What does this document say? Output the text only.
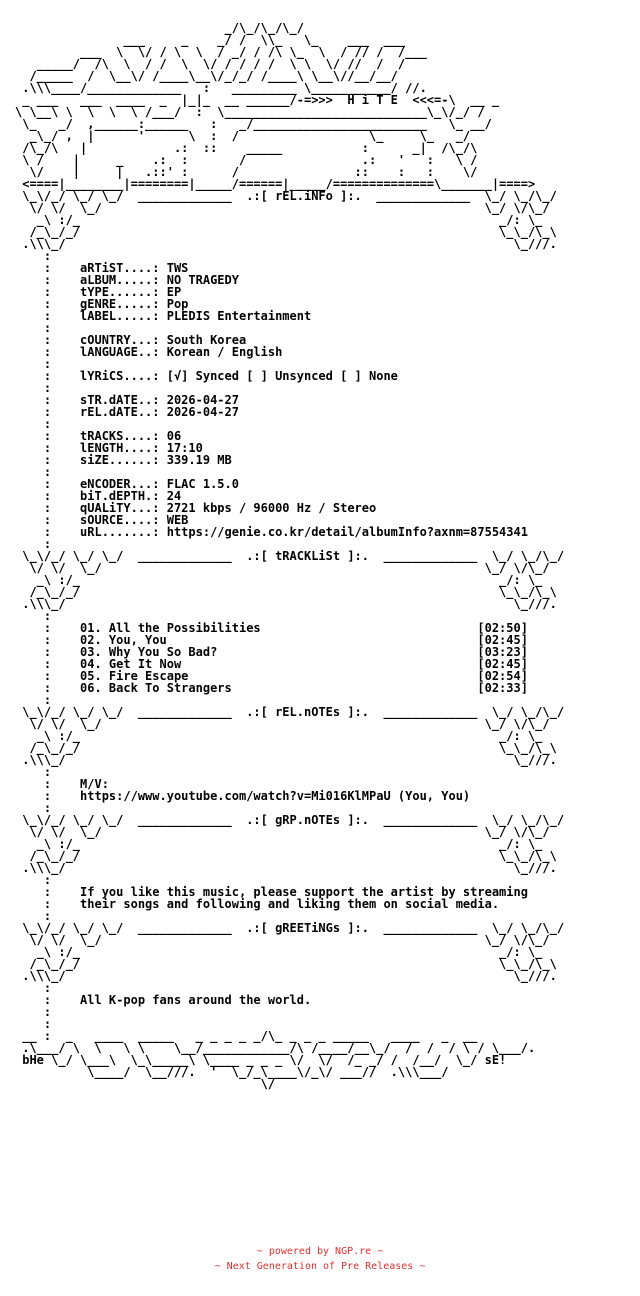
_/\_/\_/\_/
___     _    _/ /  \\_   \_    ___  ___
___  \  \/ / \  \  / _/ / /\ \_  \  / // /  /___
_____/  /\  \  / /  \  \/ / / / /  \ \  \/ //  /  /
/_____  /  \__\/ /____\__\/_/_/ /____\ \__\//__/__/
.\\\____/_____________   :   _________ \___________/ //.
_ ___   ___  ____  _  |_|_  __ ______/-=>>>  H i T E  <<<=-\  __ _
\ \__\ \  \  \  \ /___/  :  \____________________________\_\/_/ /
\_   _/  ,______:______   :   _/________________________   \_ __/
_\_/ ,  |      '      \  :  /                  \_     \_   _/
/\_/\   |            .:  ::    _____           :      _|  /\_/\
\ /    |     _    .:  :       /                .:   '   :   \ /
\/    |     |   .::' :      /                ::    :   :    \/
<====|________|========|_____/======|_____/==============\_______|====>
\_\/_/ \_/ \_/  _____________  .:[ rEL.iNFo ]:.  _____________  \_/ \_/\_/
\/ \/  \_/                                                     \_/ \/\_/
_\ :/_                                                          _/: \_
/_\_/_/                                                          \_\_/\_\
.\\\_/                                                              \_///.
:
:    aRTiST....: TWS
:    aLBUM.....: NO TRAGEDY
:    tYPE......: EP
:    gENRE.....: Pop
:    lABEL.....: PLEDIS Entertainment
:
:    cOUNTRY...: South Korea
:    lANGUAGE..: Korean / English
:
:    lYRiCS....: [√] Synced [ ] Unsynced [ ] None
:
:    sTR.dATE..: 2026-04-27
:    rEL.dATE..: 2026-04-27
:
:    tRACKS....: 06
:    lENGTH....: 17:10
:    siZE......: 339.19 MB
:
:    eNCODER...: FLAC 1.5.0
:    biT.dEPTH.: 24
:    qUALiTY...: 2721 kbps / 96000 Hz / Stereo
:    sOURCE....: WEB
:    uRL.......: https://genie.co.kr/detail/albumInfo?axnm=87554341
:
\_\/_/ \_/ \_/  _____________  .:[ tRACKLiSt ]:.  _____________  \_/ \_/\_/
\/ \/  \_/                                                     \_/ \/\_/
_\ :/_                                                          _/: \_
/_\_/_/                                                          \_\_/\_\
.\\\_/                                                              \_///.
:
:    01. All the Possibilities                              [02:50]
:    02. You, You                                           [02:45]
:    03. Why You So Bad?                                    [03:23]
:    04. Get It Now                                         [02:45]
:    05. Fire Escape                                        [02:54]
:    06. Back To Strangers                                  [02:33]
:
\_\/_/ \_/ \_/  _____________  .:[ rEL.nOTEs ]:.  _____________  \_/ \_/\_/
\/ \/  \_/                                                     \_/ \/\_/
_\ :/_                                                          _/: \_
/_\_/_/                                                          \_\_/\_\
.\\\_/                                                              \_///.
:
:    M/V:
:    https://www.youtube.com/watch?v=Mi016KlMPaU (You, You)
:
\_\/_/ \_/ \_/  _____________  .:[ gRP.nOTEs ]:.  _____________  \_/ \_/\_/
\/ \/  \_/                                                     \_/ \/\_/
_\ :/_                                                          _/: \_
/_\_/_/                                                          \_\_/\_\
.\\\_/                                                              \_///.
:
:    If you like this music, please support the artist by streaming
:    their songs and following and liking them on social media.
:
\_\/_/ \_/ \_/  _____________  .:[ gREETiNGs ]:.  _____________  \_/ \_/\_/
\/ \/  \_/                                                     \_/ \/\_/
_\ :/_                                                          _/: \_
/_\_/_/                                                          \_\_/\_\
.\\\_/                                                              \_///.
:
:    All K-pop fans around the world.
:
:
__ :  _   ____  _____   _ _ _ _ _/\_ _ _ _ _____   ____   _  __
.\___/ \  \   \ \    \__/____________/\ /____/__\_/  /  /  / \ / \___/.
bHe \_/ \___\  \_\_____\ \____ _ _ _ \/  \/  /_ _/ /  /__/  \_/ sE!
\____/  \__///.  '  \_/_\____\/_\/ ___//  .\\\___/
\/
~ powered by NGP.re ~
~ Next Generation of Pre Releases ~
